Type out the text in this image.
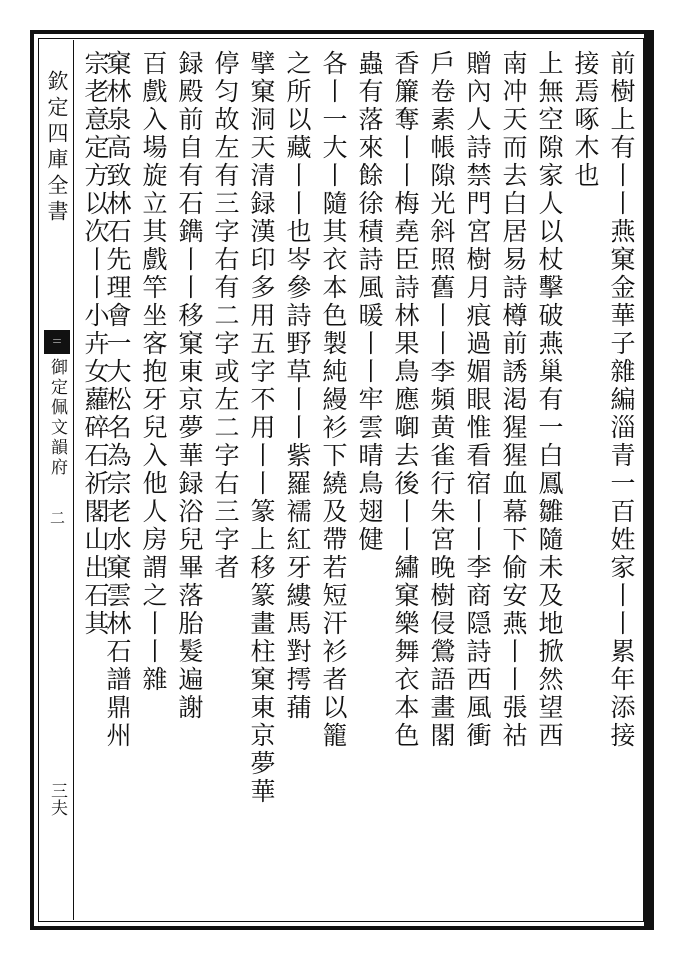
欽定四庫全書
＝
御定佩文韻府
二
三夫
前樹上有丨丨燕窠金華子雜編淄青一百姓家丨丨累年添接
接焉啄木也
上無空隙家人以杖擊破燕巢有一白鳳雛隨未及地掀然望西
南冲天而去白居易詩樽前誘渇猩猩血幕下偷安燕丨丨張祜
贈內人詩禁門宮樹月痕過媚眼惟看宿丨丨李商隠詩西風衝
戶卷素帳隙光斜照舊丨丨李頻黄雀行朱宮晚樹侵鶯語畫閣
香簾奪丨丨梅堯臣詩林果鳥應啣去後丨丨繡窠樂舞衣本色
蟲有落來餘徐積詩風暖丨丨牢雲晴鳥翅健
各丨一大丨隨其衣本色製純縵衫下繞及帶若短汗衫者以籠
之所以藏丨丨也岑參詩野草丨丨紫羅襦紅牙縷馬對摴蒱
擘窠洞天清録漢印多用五字不用丨丨篆上移篆畫柱窠東京夢華
停匀故左有三字右有二字或左二字右三字者
録殿前自有石鐫丨丨移窠東京夢華録浴兒畢落胎髮遍謝
百戲入場旋立其戲竿坐客抱牙兒入他人房謂之丨丨雜
窠林泉高致林石先理會一大松名為宗老水窠雲林石譜鼎州
宗老意定方以次丨丨小卉女蘿碎石祈閣山出石其
